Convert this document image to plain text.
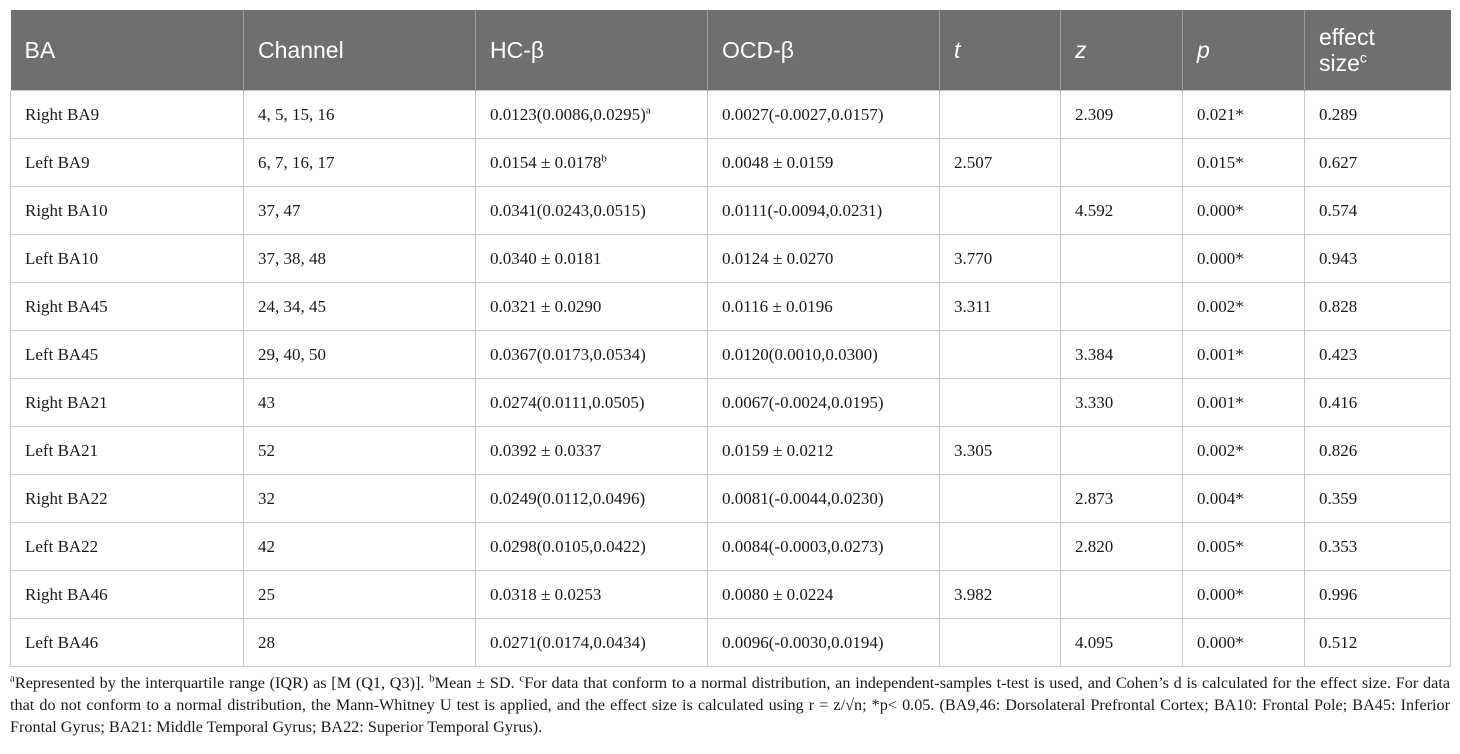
BA	Channel	HC-β	OCD-β	t	z	p	effect
size$^c$
Right BA9	4, 5, 15, 16	$0.0123(0.0086,0.0295)^a$	0.0027(-0.0027,0.0157)		2.309	0.021*	0.289
Left BA9	6, 7, 16, 17	0.0154 ± 0.0178$^b$	0.0048 ± 0.0159	2.507		0.015*	0.627
Right BA10	37, 47	0.0341(0.0243,0.0515)	0.0111(-0.0094,0.0231)		4.592	0.000*	0.574
Left BA10	37, 38, 48	0.0340 ± 0.0181	0.0124 ± 0.0270	3.770		0.000*	0.943
Right BA45	24, 34, 45	0.0321 ± 0.0290	0.0116 ± 0.0196	3.311		0.002*	0.828
Left BA45	29, 40, 50	0.0367(0.0173,0.0534)	0.0120(0.0010,0.0300)		3.384	0.001*	0.423
Right BA21	43	0.0274(0.0111,0.0505)	0.0067(-0.0024,0.0195)		3.330	0.001*	0.416
Left BA21	52	0.0392 ± 0.0337	0.0159 ± 0.0212	3.305		0.002*	0.826
Right BA22	32	0.0249(0.0112,0.0496)	0.0081(-0.0044,0.0230)		2.873	0.004*	0.359
Left BA22	42	0.0298(0.0105,0.0422)	0.0084(-0.0003,0.0273)		2.820	0.005*	0.353
Right BA46	25	0.0318 ± 0.0253	0.0080 ± 0.0224	3.982		0.000*	0.996
Left BA46	28	0.0271(0.0174,0.0434)	0.0096(-0.0030,0.0194)		4.095	0.000*	0.512
$^a$Represented by the interquartile range (IQR) as [M (Q1, Q3)]. $^b$Mean ± SD. $^c$For data that conform to a normal distribution, an independent-samples t-test is used, and Cohen’s d is calculated for the effect size. For data that do not conform to a normal distribution, the Mann-Whitney U test is applied, and the effect size is calculated using r = z/√n; *p< 0.05. (BA9,46: Dorsolateral Prefrontal Cortex; BA10: Frontal Pole; BA45: Inferior Frontal Gyrus; BA21: Middle Temporal Gyrus; BA22: Superior Temporal Gyrus).
